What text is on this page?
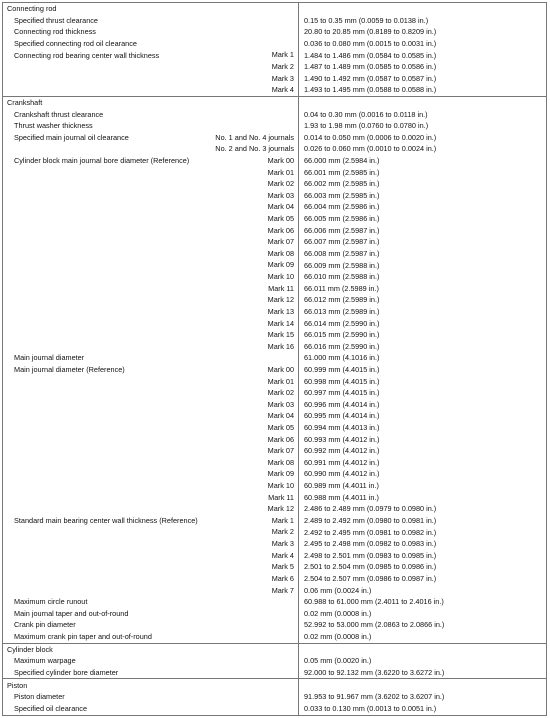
Connecting rod

Specified thrust clearance	0.15 to 0.35 mm (0.0059 to 0.0138 in.)
Connecting rod thickness	20.80 to 20.85 mm (0.8189 to 0.8209 in.)
Specified connecting rod oil clearance	0.036 to 0.080 mm (0.0015 to 0.0031 in.)
Connecting rod bearing center wall thickness Mark 1	1.484 to 1.486 mm (0.0584 to 0.0585 in.)

Mark 2	1.487 to 1.489 mm (0.0585 to 0.0586 in.)

Mark 3	1.490 to 1.492 mm (0.0587 to 0.0587 in.)

Mark 4	1.493 to 1.495 mm (0.0588 to 0.0588 in.)
Crankshaft

Crankshaft thrust clearance	0.04 to 0.30 mm (0.0016 to 0.0118 in.)
Thrust washer thickness	1.93 to 1.98 mm (0.0760 to 0.0780 in.)
Specified main journal oil clearance No. 1 and No. 4 journals	0.014 to 0.050 mm (0.0006 to 0.0020 in.)

No. 2 and No. 3 journals	0.026 to 0.060 mm (0.0010 to 0.0024 in.)
Cylinder block main journal bore diameter (Reference) Mark 00	66.000 mm (2.5984 in.)

Mark 01	66.001 mm (2.5985 in.)

Mark 02	66.002 mm (2.5985 in.)

Mark 03	66.003 mm (2.5985 in.)

Mark 04	66.004 mm (2.5986 in.)

Mark 05	66.005 mm (2.5986 in.)

Mark 06	66.006 mm (2.5987 in.)

Mark 07	66.007 mm (2.5987 in.)

Mark 08	66.008 mm (2.5987 in.)

Mark 09	66.009 mm (2.5988 in.)

Mark 10	66.010 mm (2.5988 in.)

Mark 11	66.011 mm (2.5989 in.)

Mark 12	66.012 mm (2.5989 in.)

Mark 13	66.013 mm (2.5989 in.)

Mark 14	66.014 mm (2.5990 in.)

Mark 15	66.015 mm (2.5990 in.)

Mark 16	66.016 mm (2.5990 in.)
Main journal diameter	61.000 mm (4.1016 in.)
Main journal diameter (Reference) Mark 00	60.999 mm (4.4015 in.)

Mark 01	60.998 mm (4.4015 in.)

Mark 02	60.997 mm (4.4015 in.)

Mark 03	60.996 mm (4.4014 in.)

Mark 04	60.995 mm (4.4014 in.)

Mark 05	60.994 mm (4.4013 in.)

Mark 06	60.993 mm (4.4012 in.)

Mark 07	60.992 mm (4.4012 in.)

Mark 08	60.991 mm (4.4012 in.)

Mark 09	60.990 mm (4.4012 in.)

Mark 10	60.989 mm (4.4011 in.)

Mark 11	60.988 mm (4.4011 in.)

Mark 12	2.486 to 2.489 mm (0.0979 to 0.0980 in.)
Standard main bearing center wall thickness (Reference) Mark 1	2.489 to 2.492 mm (0.0980 to 0.0981 in.)

Mark 2	2.492 to 2.495 mm (0.0981 to 0.0982 in.)

Mark 3	2.495 to 2.498 mm (0.0982 to 0.0983 in.)

Mark 4	2.498 to 2.501 mm (0.0983 to 0.0985 in.)

Mark 5	2.501 to 2.504 mm (0.0985 to 0.0986 in.)

Mark 6	2.504 to 2.507 mm (0.0986 to 0.0987 in.)

Mark 7	0.06 mm (0.0024 in.)
Maximum circle runout	60.988 to 61.000 mm (2.4011 to 2.4016 in.)
Main journal taper and out-of-round	0.02 mm (0.0008 in.)
Crank pin diameter	52.992 to 53.000 mm (2.0863 to 2.0866 in.)
Maximum crank pin taper and out-of-round	0.02 mm (0.0008 in.)
Cylinder block

Maximum warpage	0.05 mm (0.0020 in.)
Specified cylinder bore diameter	92.000 to 92.132 mm (3.6220 to 3.6272 in.)
Piston

Piston diameter	91.953 to 91.967 mm (3.6202 to 3.6207 in.)
Specified oil clearance	0.033 to 0.130 mm (0.0013 to 0.0051 in.)
